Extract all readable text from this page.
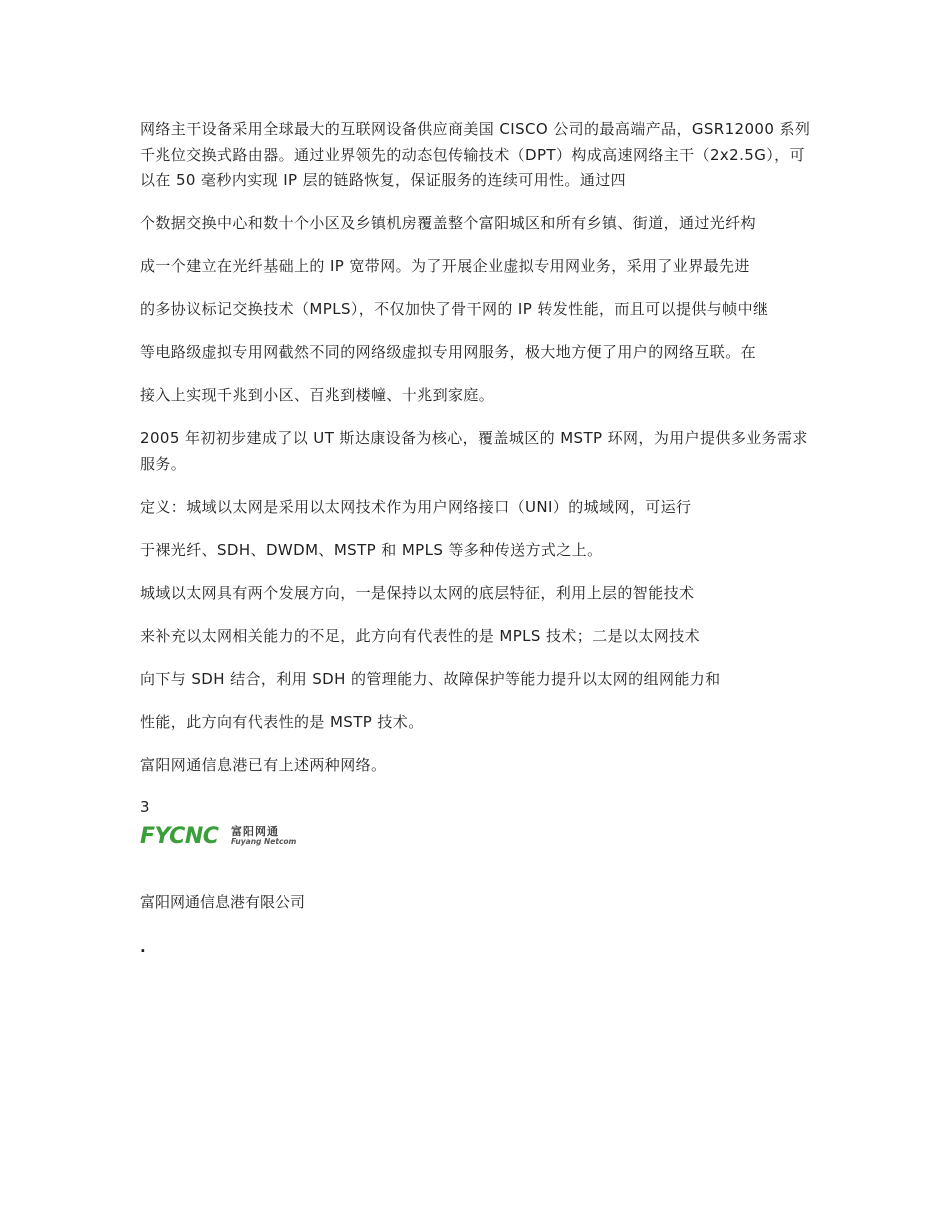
网络主干设备采用全球最大的互联网设备供应商美国 CISCO 公司的最高端产品，GSR12000 系列千兆位交换式路由器。通过业界领先的动态包传输技术（DPT）构成高速网络主干（2x2.5G），可以在 50 毫秒内实现 IP 层的链路恢复，保证服务的连续可用性。通过四

个数据交换中心和数十个小区及乡镇机房覆盖整个富阳城区和所有乡镇、街道，通过光纤构

成一个建立在光纤基础上的 IP 宽带网。为了开展企业虚拟专用网业务，采用了业界最先进

的多协议标记交换技术（MPLS），不仅加快了骨干网的 IP 转发性能，而且可以提供与帧中继

等电路级虚拟专用网截然不同的网络级虚拟专用网服务，极大地方便了用户的网络互联。在

接入上实现千兆到小区、百兆到楼幢、十兆到家庭。

2005 年初初步建成了以 UT 斯达康设备为核心，覆盖城区的 MSTP 环网，为用户提供多业务需求服务。

定义：城域以太网是采用以太网技术作为用户网络接口（UNI）的城域网，可运行

于裸光纤、SDH、DWDM、MSTP 和 MPLS 等多种传送方式之上。

城域以太网具有两个发展方向，一是保持以太网的底层特征，利用上层的智能技术

来补充以太网相关能力的不足，此方向有代表性的是 MPLS 技术；二是以太网技术

向下与 SDH 结合，利用 SDH 的管理能力、故障保护等能力提升以太网的组网能力和

性能，此方向有代表性的是 MSTP 技术。

富阳网通信息港已有上述两种网络。

3
FYCNC 富阳网通
Fuyang Netcom
富阳网通信息港有限公司
.
